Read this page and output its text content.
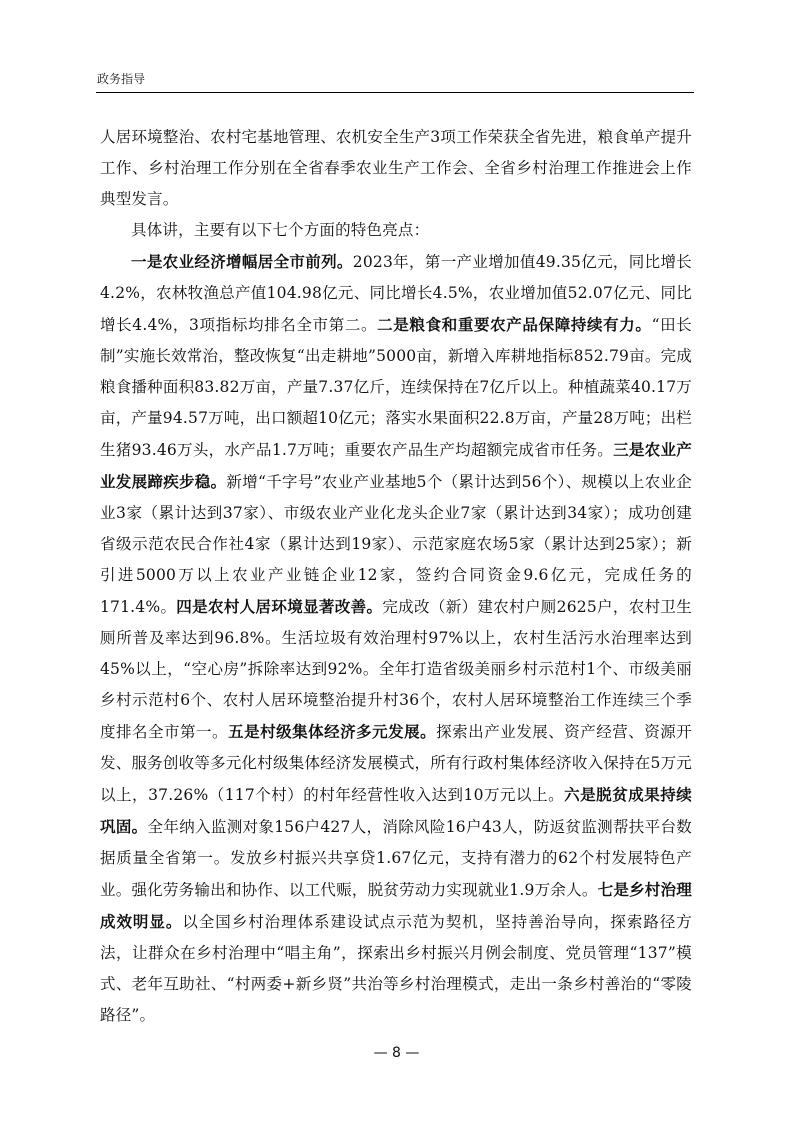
政务指导

人居环境整治、农村宅基地管理、农机安全生产3项工作荣获全省先进，粮食单产提升工作、乡村治理工作分别在全省春季农业生产工作会、全省乡村治理工作推进会上作典型发言。

具体讲，主要有以下七个方面的特色亮点：

一是农业经济增幅居全市前列。2023年，第一产业增加值49.35亿元，同比增长4.2%，农林牧渔总产值104.98亿元、同比增长4.5%，农业增加值52.07亿元、同比增长4.4%，3项指标均排名全市第二。二是粮食和重要农产品保障持续有力。“田长制”实施长效常治，整改恢复“出走耕地”5000亩，新增入库耕地指标852.79亩。完成粮食播种面积83.82万亩，产量7.37亿斤，连续保持在7亿斤以上。种植蔬菜40.17万亩，产量94.57万吨，出口额超10亿元；落实水果面积22.8万亩，产量28万吨；出栏生猪93.46万头，水产品1.7万吨；重要农产品生产均超额完成省市任务。三是农业产业发展蹄疾步稳。新增“千字号”农业产业基地5个（累计达到56个）、规模以上农业企业3家（累计达到37家）、市级农业产业化龙头企业7家（累计达到34家）；成功创建省级示范农民合作社4家（累计达到19家）、示范家庭农场5家（累计达到25家）；新引进5000万以上农业产业链企业12家，签约合同资金9.6亿元，完成任务的171.4%。四是农村人居环境显著改善。完成改（新）建农村户厕2625户，农村卫生厕所普及率达到96.8%。生活垃圾有效治理村97%以上，农村生活污水治理率达到45%以上，“空心房”拆除率达到92%。全年打造省级美丽乡村示范村1个、市级美丽乡村示范村6个、农村人居环境整治提升村36个，农村人居环境整治工作连续三个季度排名全市第一。五是村级集体经济多元发展。探索出产业发展、资产经营、资源开发、服务创收等多元化村级集体经济发展模式，所有行政村集体经济收入保持在5万元以上，37.26%（117个村）的村年经营性收入达到10万元以上。六是脱贫成果持续巩固。全年纳入监测对象156户427人，消除风险16户43人，防返贫监测帮扶平台数据质量全省第一。发放乡村振兴共享贷1.67亿元，支持有潜力的62个村发展特色产业。强化劳务输出和协作、以工代赈，脱贫劳动力实现就业1.9万余人。七是乡村治理成效明显。以全国乡村治理体系建设试点示范为契机，坚持善治导向，探索路径方法，让群众在乡村治理中“唱主角”，探索出乡村振兴月例会制度、党员管理“137”模式、老年互助社、“村两委+新乡贤”共治等乡村治理模式，走出一条乡村善治的“零陵路径”。

— 8 —
